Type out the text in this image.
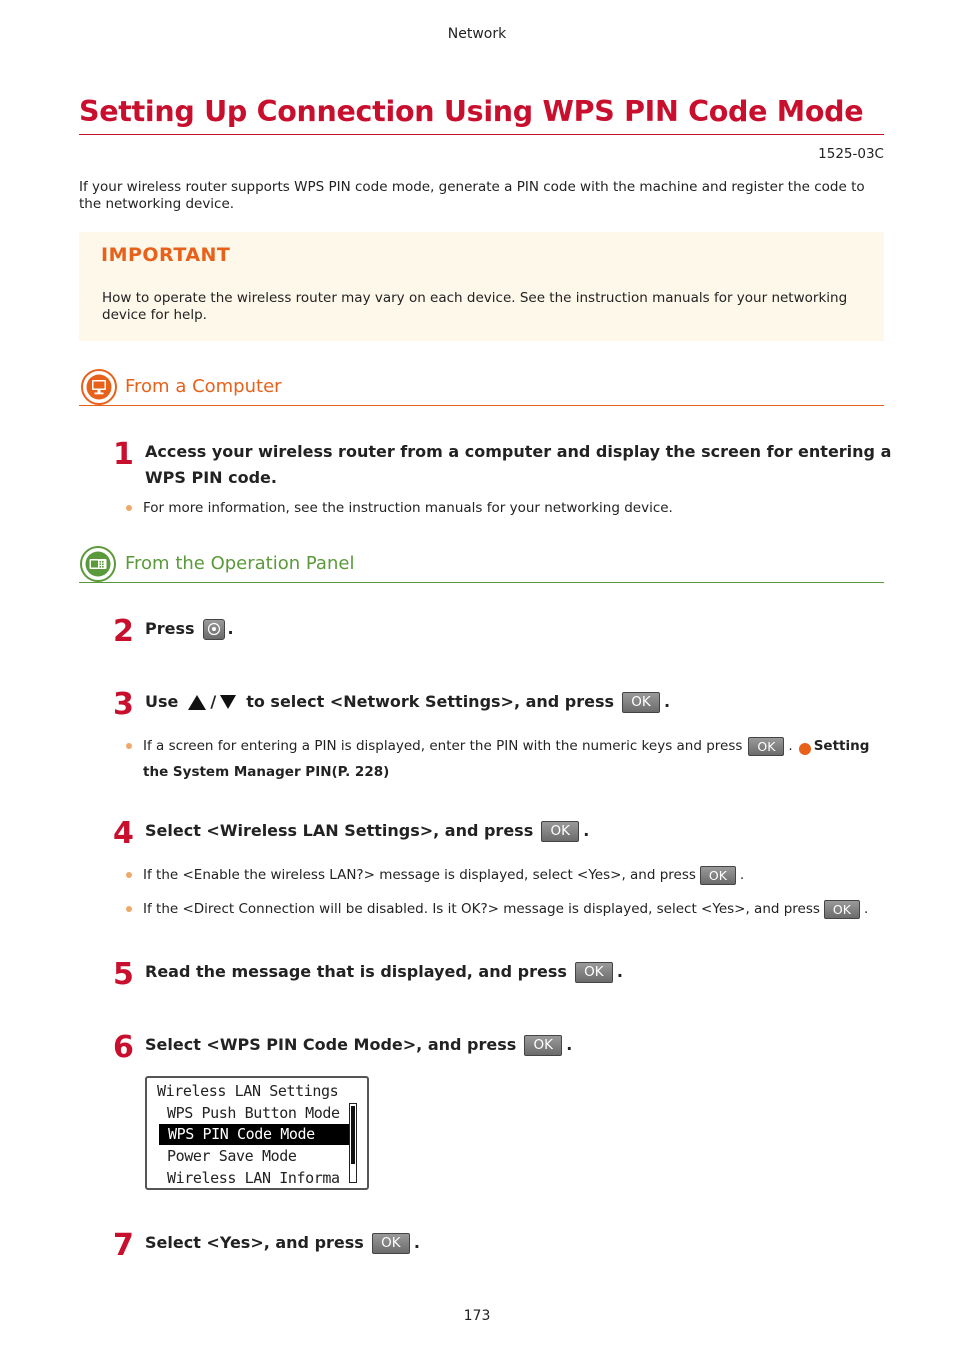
Network
Setting Up Connection Using WPS PIN Code Mode
1525-03C
If your wireless router supports WPS PIN code mode, generate a PIN code with the machine and register the code to the networking device.
IMPORTANT
How to operate the wireless router may vary on each device. See the instruction manuals for your networking device for help.
From a Computer
1 Access your wireless router from a computer and display the screen for entering a
WPS PIN code.
For more information, see the instruction manuals for your networking device.
From the Operation Panel
2 Press .
3 Use / to select <Network Settings>, and press	OK .
If a screen for entering a PIN is displayed, enter the PIN with the numeric keys and press	OK . Setting
the System Manager PIN(P. 228)
4 Select <Wireless LAN Settings>, and press	OK .
If the <Enable the wireless LAN?> message is displayed, select <Yes>, and press	OK .
If the <Direct Connection will be disabled. Is it OK?> message is displayed, select <Yes>, and press	OK .
5 Read the message that is displayed, and press	OK .
6 Select <WPS PIN Code Mode>, and press	OK .
Wireless LAN Settings
WPS Push Button Mode
WPS PIN Code Mode
Power Save Mode
Wireless LAN Informa
7 Select <Yes>, and press	OK .
173
